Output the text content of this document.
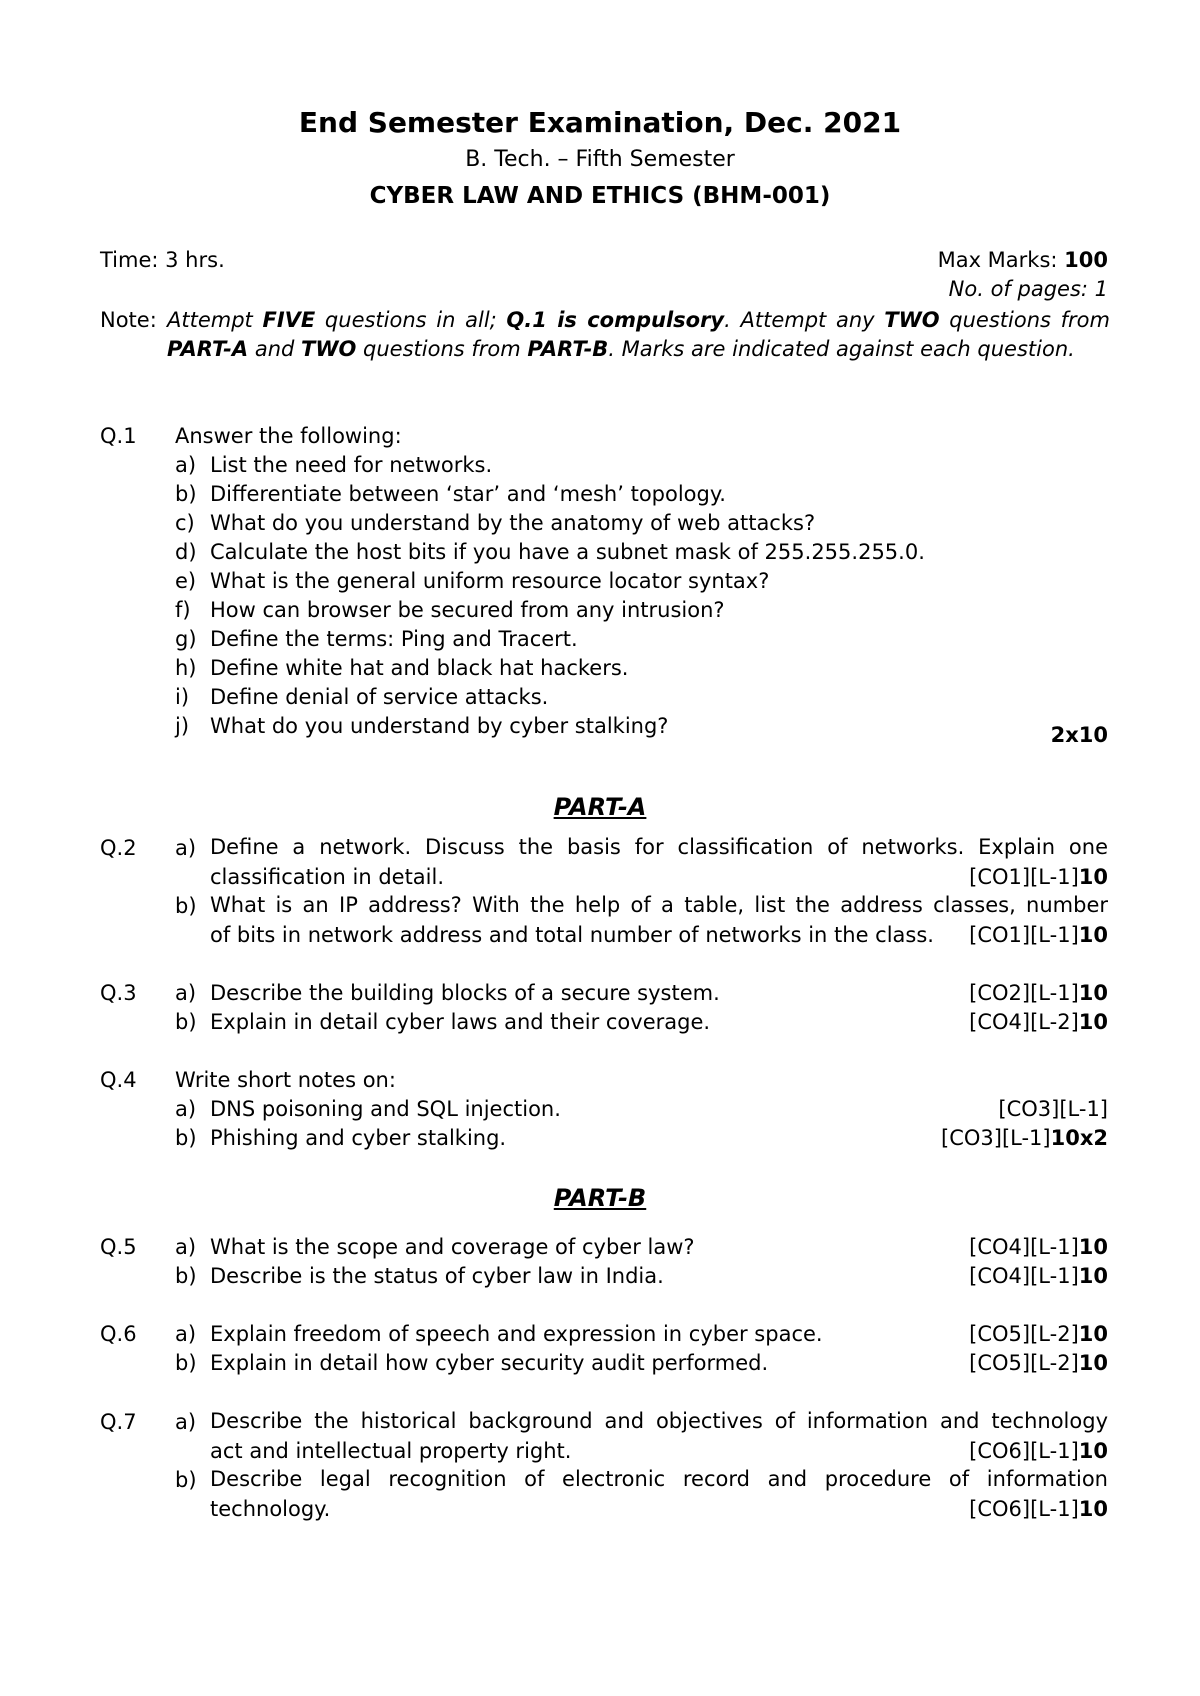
End Semester Examination, Dec. 2021
B. Tech. – Fifth Semester
CYBER LAW AND ETHICS (BHM-001)
Time: 3 hrs.	Max Marks: 100
No. of pages: 1
Note: Attempt FIVE questions in all; Q.1 is compulsory. Attempt any TWO questions from PART-A and TWO questions from PART-B. Marks are indicated against each question.
Q.1 Answer the following:
a) List the need for networks.
b) Differentiate between ‘star’ and ‘mesh’ topology.
c) What do you understand by the anatomy of web attacks?
d) Calculate the host bits if you have a subnet mask of 255.255.255.0.
e) What is the general uniform resource locator syntax?
f) How can browser be secured from any intrusion?
g) Define the terms: Ping and Tracert.
h) Define white hat and black hat hackers.
i) Define denial of service attacks.
j) What do you understand by cyber stalking?	2x10
PART-A
Q.2 a) Define a network. Discuss the basis for classification of networks. Explain one
classification in detail.	[CO1][L-1]10
b) What is an IP address? With the help of a table, list the address classes, number
of bits in network address and total number of networks in the class. [CO1][L-1]10
Q.3 a) Describe the building blocks of a secure system.	[CO2][L-1]10
b) Explain in detail cyber laws and their coverage.	[CO4][L-2]10
Q.4 Write short notes on:
a) DNS poisoning and SQL injection.	[CO3][L-1]
b) Phishing and cyber stalking.	[CO3][L-1]10x2
PART-B
Q.5 a) What is the scope and coverage of cyber law?	[CO4][L-1]10
b) Describe is the status of cyber law in India.	[CO4][L-1]10
Q.6 a) Explain freedom of speech and expression in cyber space.	[CO5][L-2]10
b) Explain in detail how cyber security audit performed.	[CO5][L-2]10
Q.7 a) Describe the historical background and objectives of information and technology
act and intellectual property right.	[CO6][L-1]10
b) Describe legal recognition of electronic record and procedure of information
technology.	[CO6][L-1]10
